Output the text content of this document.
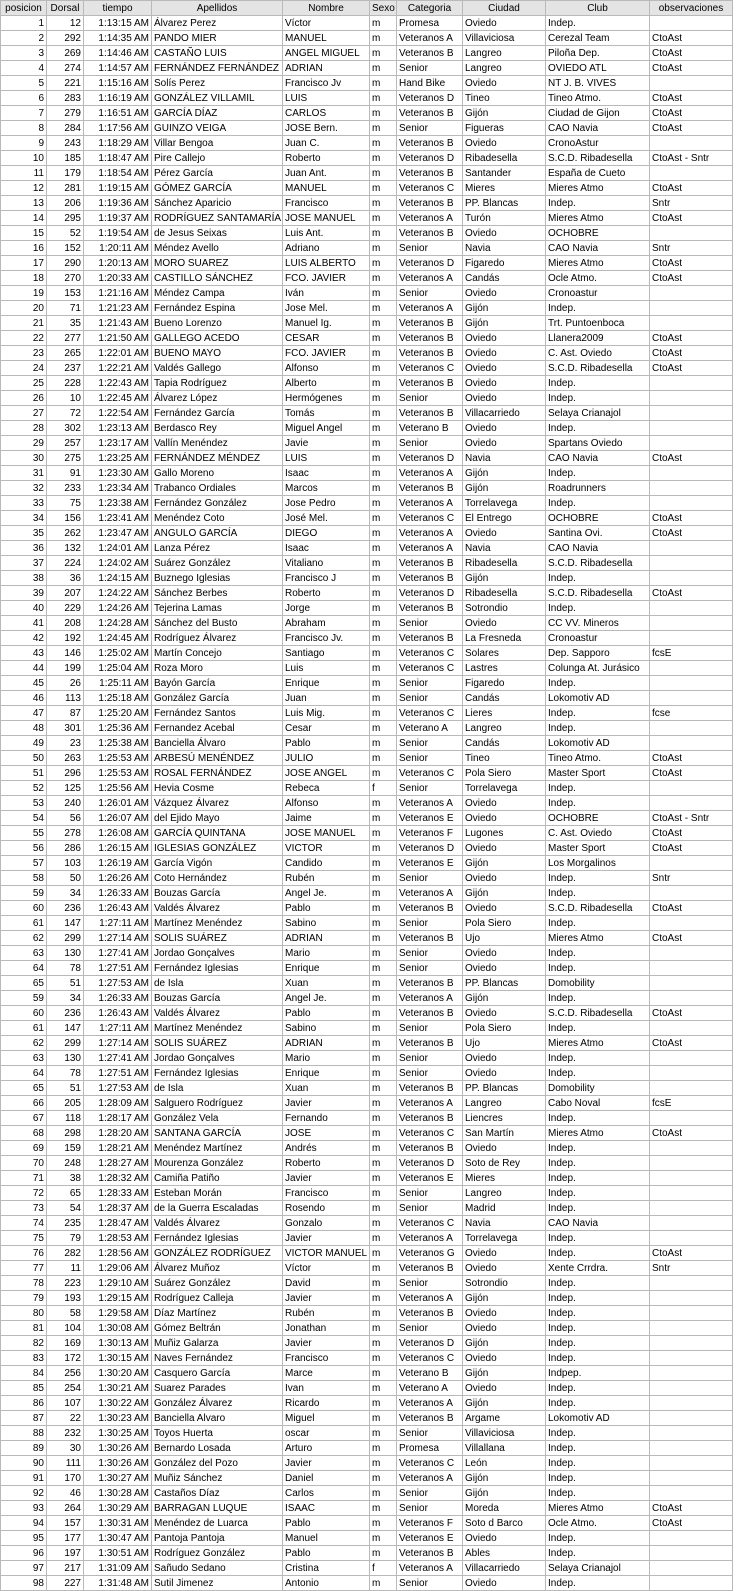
posicion	Dorsal	tiempo	Apellidos	Nombre	Sexo	Categoria	Ciudad	Club	observaciones
1	12	1:13:15 AM	Álvarez Perez	Víctor	m	Promesa	Oviedo	Indep.	
2	292	1:14:35 AM	PANDO MIER	MANUEL	m	Veteranos A	Villaviciosa	Cerezal Team	CtoAst
3	269	1:14:46 AM	CASTAÑO LUIS	ANGEL MIGUEL	m	Veteranos B	Langreo	Piloña Dep.	CtoAst
4	274	1:14:57 AM	FERNÁNDEZ FERNÁNDEZ	ADRIAN	m	Senior	Langreo	OVIEDO ATL	CtoAst
5	221	1:15:16 AM	Solís Perez	Francisco Jv	m	Hand Bike	Oviedo	NT J. B. VIVES	
6	283	1:16:19 AM	GONZÁLEZ VILLAMIL	LUIS	m	Veteranos D	Tineo	Tineo Atmo.	CtoAst
7	279	1:16:51 AM	GARCÍA DÍAZ	CARLOS	m	Veteranos B	Gijón	Ciudad de Gijon	CtoAst
8	284	1:17:56 AM	GUINZO VEIGA	JOSE Bern.	m	Senior	Figueras	CAO Navia	CtoAst
9	243	1:18:29 AM	Villar Bengoa	Juan C.	m	Veteranos B	Oviedo	CronoAstur	
10	185	1:18:47 AM	Pire Callejo	Roberto	m	Veteranos D	Ribadesella	S.C.D. Ribadesella	CtoAst - Sntr
11	179	1:18:54 AM	Pérez García	Juan Ant.	m	Veteranos B	Santander	España de Cueto	
12	281	1:19:15 AM	GÓMEZ GARCÍA	MANUEL	m	Veteranos C	Mieres	Mieres Atmo	CtoAst
13	206	1:19:36 AM	Sánchez Aparicio	Francisco	m	Veteranos B	PP. Blancas	Indep.	Sntr
14	295	1:19:37 AM	RODRÍGUEZ SANTAMARÍA	JOSE MANUEL	m	Veteranos A	Turón	Mieres Atmo	CtoAst
15	52	1:19:54 AM	de Jesus Seixas	Luis Ant.	m	Veteranos B	Oviedo	OCHOBRE	
16	152	1:20:11 AM	Méndez Avello	Adriano	m	Senior	Navia	CAO Navia	Sntr
17	290	1:20:13 AM	MORO SUAREZ	LUIS ALBERTO	m	Veteranos D	Figaredo	Mieres Atmo	CtoAst
18	270	1:20:33 AM	CASTILLO SÁNCHEZ	FCO. JAVIER	m	Veteranos A	Candás	Ocle Atmo.	CtoAst
19	153	1:21:16 AM	Méndez Campa	Iván	m	Senior	Oviedo	Cronoastur	
20	71	1:21:23 AM	Fernández Espina	Jose Mel.	m	Veteranos A	Gijón	Indep.	
21	35	1:21:43 AM	Bueno Lorenzo	Manuel Ig.	m	Veteranos B	Gijón	Trt. Puntoenboca	
22	277	1:21:50 AM	GALLEGO ACEDO	CESAR	m	Veteranos B	Oviedo	Llanera2009	CtoAst
23	265	1:22:01 AM	BUENO MAYO	FCO. JAVIER	m	Veteranos B	Oviedo	C. Ast. Oviedo	CtoAst
24	237	1:22:21 AM	Valdés Gallego	Alfonso	m	Veteranos C	Oviedo	S.C.D. Ribadesella	CtoAst
25	228	1:22:43 AM	Tapia Rodríguez	Alberto	m	Veteranos B	Oviedo	Indep.	
26	10	1:22:45 AM	Álvarez López	Hermógenes	m	Senior	Oviedo	Indep.	
27	72	1:22:54 AM	Fernández García	Tomás	m	Veteranos B	Villacarriedo	Selaya Crianajol	
28	302	1:23:13 AM	Berdasco Rey	Miguel Angel	m	Veterano B	Oviedo	Indep.	
29	257	1:23:17 AM	Vallín Menéndez	Javie	m	Senior	Oviedo	Spartans Oviedo	
30	275	1:23:25 AM	FERNÁNDEZ MÉNDEZ	LUIS	m	Veteranos D	Navia	CAO Navia	CtoAst
31	91	1:23:30 AM	Gallo Moreno	Isaac	m	Veteranos A	Gijón	Indep.	
32	233	1:23:34 AM	Trabanco Ordiales	Marcos	m	Veteranos B	Gijón	Roadrunners	
33	75	1:23:38 AM	Fernández González	Jose Pedro	m	Veteranos A	Torrelavega	Indep.	
34	156	1:23:41 AM	Menéndez Coto	José Mel.	m	Veteranos C	El Entrego	OCHOBRE	CtoAst
35	262	1:23:47 AM	ANGULO GARCÍA	DIEGO	m	Veteranos A	Oviedo	Santina Ovi.	CtoAst
36	132	1:24:01 AM	Lanza Pérez	Isaac	m	Veteranos A	Navia	CAO Navia	
37	224	1:24:02 AM	Suárez González	Vitaliano	m	Veteranos B	Ribadesella	S.C.D. Ribadesella	
38	36	1:24:15 AM	Buznego Iglesias	Francisco J	m	Veteranos B	Gijón	Indep.	
39	207	1:24:22 AM	Sánchez Berbes	Roberto	m	Veteranos D	Ribadesella	S.C.D. Ribadesella	CtoAst
40	229	1:24:26 AM	Tejerina Lamas	Jorge	m	Veteranos B	Sotrondio	Indep.	
41	208	1:24:28 AM	Sánchez del Busto	Abraham	m	Senior	Oviedo	CC VV. Mineros	
42	192	1:24:45 AM	Rodríguez Álvarez	Francisco Jv.	m	Veteranos B	La Fresneda	Cronoastur	
43	146	1:25:02 AM	Martín Concejo	Santiago	m	Veteranos C	Solares	Dep. Sapporo	fcsE
44	199	1:25:04 AM	Roza Moro	Luis	m	Veteranos C	Lastres	Colunga At. Jurásico	
45	26	1:25:11 AM	Bayón García	Enrique	m	Senior	Figaredo	Indep.	
46	113	1:25:18 AM	González García	Juan	m	Senior	Candás	Lokomotiv AD	
47	87	1:25:20 AM	Fernández Santos	Luis Mig.	m	Veteranos C	Lieres	Indep.	fcse
48	301	1:25:36 AM	Fernandez Acebal	Cesar	m	Veterano A	Langreo	Indep.	
49	23	1:25:38 AM	Banciella Álvaro	Pablo	m	Senior	Candás	Lokomotiv AD	
50	263	1:25:53 AM	ARBESÚ MENÉNDEZ	JULIO	m	Senior	Tineo	Tineo Atmo.	CtoAst
51	296	1:25:53 AM	ROSAL FERNÁNDEZ	JOSE ANGEL	m	Veteranos C	Pola Siero	Master Sport	CtoAst
52	125	1:25:56 AM	Hevia Cosme	Rebeca	f	Senior	Torrelavega	Indep.	
53	240	1:26:01 AM	Vázquez Álvarez	Alfonso	m	Veteranos A	Oviedo	Indep.	
54	56	1:26:07 AM	del Ejido Mayo	Jaime	m	Veteranos E	Oviedo	OCHOBRE	CtoAst - Sntr
55	278	1:26:08 AM	GARCÍA QUINTANA	JOSE MANUEL	m	Veteranos F	Lugones	C. Ast. Oviedo	CtoAst
56	286	1:26:15 AM	IGLESIAS GONZÁLEZ	VICTOR	m	Veteranos D	Oviedo	Master Sport	CtoAst
57	103	1:26:19 AM	García Vigón	Candido	m	Veteranos E	Gijón	Los Morgalinos	
58	50	1:26:26 AM	Coto Hernández	Rubén	m	Senior	Oviedo	Indep.	Sntr
59	34	1:26:33 AM	Bouzas García	Angel Je.	m	Veteranos A	Gijón	Indep.	
60	236	1:26:43 AM	Valdés Álvarez	Pablo	m	Veteranos B	Oviedo	S.C.D. Ribadesella	CtoAst
61	147	1:27:11 AM	Martínez Menéndez	Sabino	m	Senior	Pola Siero	Indep.	
62	299	1:27:14 AM	SOLIS SUÁREZ	ADRIAN	m	Veteranos B	Ujo	Mieres Atmo	CtoAst
63	130	1:27:41 AM	Jordao Gonçalves	Mario	m	Senior	Oviedo	Indep.	
64	78	1:27:51 AM	Fernández Iglesias	Enrique	m	Senior	Oviedo	Indep.	
65	51	1:27:53 AM	de Isla	Xuan	m	Veteranos B	PP. Blancas	Domobility	
59	34	1:26:33 AM	Bouzas García	Angel Je.	m	Veteranos A	Gijón	Indep.	
60	236	1:26:43 AM	Valdés Álvarez	Pablo	m	Veteranos B	Oviedo	S.C.D. Ribadesella	CtoAst
61	147	1:27:11 AM	Martínez Menéndez	Sabino	m	Senior	Pola Siero	Indep.	
62	299	1:27:14 AM	SOLIS SUÁREZ	ADRIAN	m	Veteranos B	Ujo	Mieres Atmo	CtoAst
63	130	1:27:41 AM	Jordao Gonçalves	Mario	m	Senior	Oviedo	Indep.	
64	78	1:27:51 AM	Fernández Iglesias	Enrique	m	Senior	Oviedo	Indep.	
65	51	1:27:53 AM	de Isla	Xuan	m	Veteranos B	PP. Blancas	Domobility	
66	205	1:28:09 AM	Salguero Rodríguez	Javier	m	Veteranos A	Langreo	Cabo Noval	fcsE
67	118	1:28:17 AM	González Vela	Fernando	m	Veteranos B	Liencres	Indep.	
68	298	1:28:20 AM	SANTANA GARCÍA	JOSE	m	Veteranos C	San Martín	Mieres Atmo	CtoAst
69	159	1:28:21 AM	Menéndez Martínez	Andrés	m	Veteranos B	Oviedo	Indep.	
70	248	1:28:27 AM	Mourenza González	Roberto	m	Veteranos D	Soto de Rey	Indep.	
71	38	1:28:32 AM	Camiña Patiño	Javier	m	Veteranos E	Mieres	Indep.	
72	65	1:28:33 AM	Esteban Morán	Francisco	m	Senior	Langreo	Indep.	
73	54	1:28:37 AM	de la Guerra Escaladas	Rosendo	m	Senior	Madrid	Indep.	
74	235	1:28:47 AM	Valdés Álvarez	Gonzalo	m	Veteranos C	Navia	CAO Navia	
75	79	1:28:53 AM	Fernández Iglesias	Javier	m	Veteranos A	Torrelavega	Indep.	
76	282	1:28:56 AM	GONZÁLEZ RODRÍGUEZ	VICTOR MANUEL	m	Veteranos G	Oviedo	Indep.	CtoAst
77	11	1:29:06 AM	Álvarez Muñoz	Víctor	m	Veteranos B	Oviedo	Xente Crrdra.	Sntr
78	223	1:29:10 AM	Suárez González	David	m	Senior	Sotrondio	Indep.	
79	193	1:29:15 AM	Rodríguez Calleja	Javier	m	Veteranos A	Gijón	Indep.	
80	58	1:29:58 AM	Díaz Martínez	Rubén	m	Veteranos B	Oviedo	Indep.	
81	104	1:30:08 AM	Gómez Beltrán	Jonathan	m	Senior	Oviedo	Indep.	
82	169	1:30:13 AM	Muñiz Galarza	Javier	m	Veteranos D	Gijón	Indep.	
83	172	1:30:15 AM	Naves Fernández	Francisco	m	Veteranos C	Oviedo	Indep.	
84	256	1:30:20 AM	Casquero García	Marce	m	Veterano B	Gijón	Indpep.	
85	254	1:30:21 AM	Suarez Parades	Ivan	m	Veterano A	Oviedo	Indep.	
86	107	1:30:22 AM	González Álvarez	Ricardo	m	Veteranos A	Gijón	Indep.	
87	22	1:30:23 AM	Banciella Alvaro	Miguel	m	Veteranos B	Argame	Lokomotiv AD	
88	232	1:30:25 AM	Toyos Huerta	oscar	m	Senior	Villaviciosa	Indep.	
89	30	1:30:26 AM	Bernardo Losada	Arturo	m	Promesa	Villallana	Indep.	
90	111	1:30:26 AM	González del Pozo	Javier	m	Veteranos C	León	Indep.	
91	170	1:30:27 AM	Muñiz Sánchez	Daniel	m	Veteranos A	Gijón	Indep.	
92	46	1:30:28 AM	Castaños Díaz	Carlos	m	Senior	Gijón	Indep.	
93	264	1:30:29 AM	BARRAGAN LUQUE	ISAAC	m	Senior	Moreda	Mieres Atmo	CtoAst
94	157	1:30:31 AM	Menéndez de Luarca	Pablo	m	Veteranos F	Soto d Barco	Ocle Atmo.	CtoAst
95	177	1:30:47 AM	Pantoja Pantoja	Manuel	m	Veteranos E	Oviedo	Indep.	
96	197	1:30:51 AM	Rodríguez González	Pablo	m	Veteranos B	Ables	Indep.	
97	217	1:31:09 AM	Sañudo Sedano	Cristina	f	Veteranos A	Villacarriedo	Selaya Crianajol	
98	227	1:31:48 AM	Sutil Jimenez	Antonio	m	Senior	Oviedo	Indep.	
